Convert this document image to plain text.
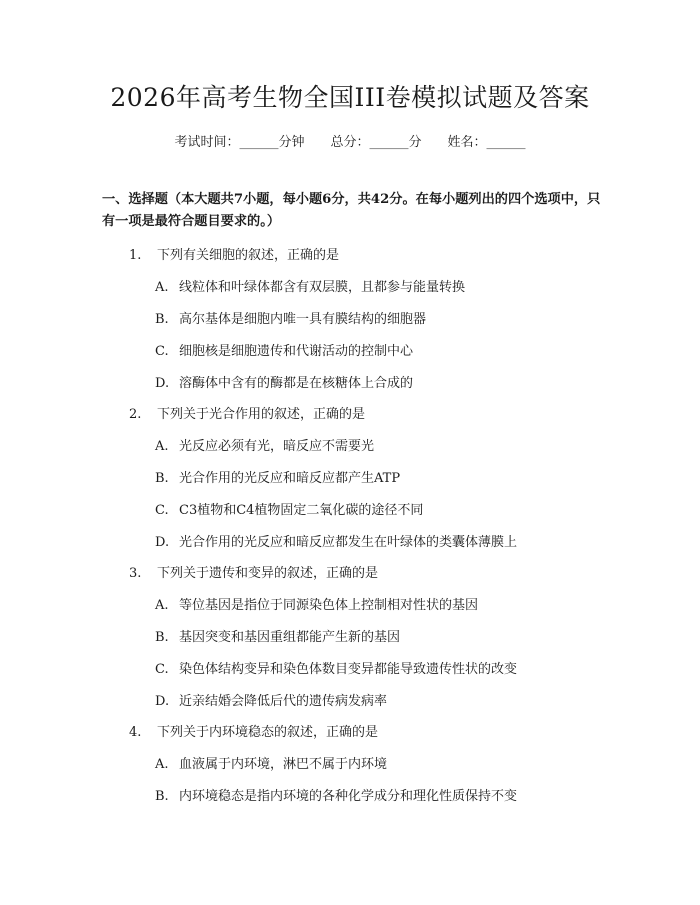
2026年高考生物全国III卷模拟试题及答案
考试时间：______分钟 总分：______分 姓名：______
一、选择题（本大题共7小题，每小题6分，共42分。在每小题列出的四个选项中，只有一项是最符合题目要求的。）
1. 下列有关细胞的叙述，正确的是
A. 线粒体和叶绿体都含有双层膜，且都参与能量转换
B. 高尔基体是细胞内唯一具有膜结构的细胞器
C. 细胞核是细胞遗传和代谢活动的控制中心
D. 溶酶体中含有的酶都是在核糖体上合成的
2. 下列关于光合作用的叙述，正确的是
A. 光反应必须有光，暗反应不需要光
B. 光合作用的光反应和暗反应都产生ATP
C. C3植物和C4植物固定二氧化碳的途径不同
D. 光合作用的光反应和暗反应都发生在叶绿体的类囊体薄膜上
3. 下列关于遗传和变异的叙述，正确的是
A. 等位基因是指位于同源染色体上控制相对性状的基因
B. 基因突变和基因重组都能产生新的基因
C. 染色体结构变异和染色体数目变异都能导致遗传性状的改变
D. 近亲结婚会降低后代的遗传病发病率
4. 下列关于内环境稳态的叙述，正确的是
A. 血液属于内环境，淋巴不属于内环境
B. 内环境稳态是指内环境的各种化学成分和理化性质保持不变
